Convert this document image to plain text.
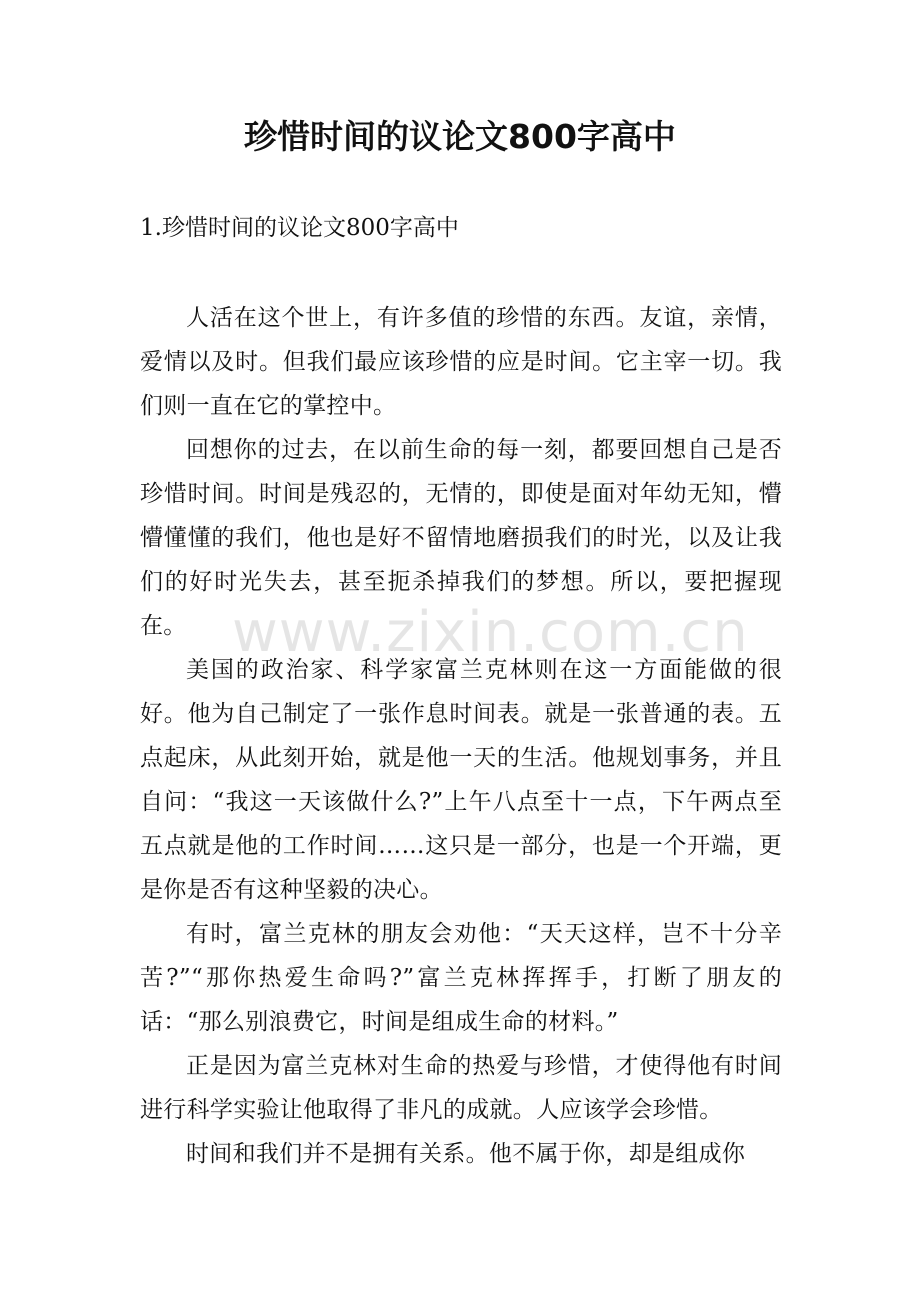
珍惜时间的议论文800字高中

1.珍惜时间的议论文800字高中

人活在这个世上，有许多值的珍惜的东西。友谊，亲情，爱情以及时。但我们最应该珍惜的应是时间。它主宰一切。我们则一直在它的掌控中。

回想你的过去，在以前生命的每一刻，都要回想自己是否珍惜时间。时间是残忍的，无情的，即使是面对年幼无知，懵懵懂懂的我们，他也是好不留情地磨损我们的时光，以及让我们的好时光失去，甚至扼杀掉我们的梦想。所以，要把握现在。

美国的政治家、科学家富兰克林则在这一方面能做的很好。他为自己制定了一张作息时间表。就是一张普通的表。五点起床，从此刻开始，就是他一天的生活。他规划事务，并且自问：“我这一天该做什么?”上午八点至十一点，下午两点至五点就是他的工作时间……这只是一部分，也是一个开端，更是你是否有这种坚毅的决心。

有时，富兰克林的朋友会劝他：“天天这样，岂不十分辛苦?”“那你热爱生命吗?”富兰克林挥挥手，打断了朋友的话：“那么别浪费它，时间是组成生命的材料。”

正是因为富兰克林对生命的热爱与珍惜，才使得他有时间进行科学实验让他取得了非凡的成就。人应该学会珍惜。

时间和我们并不是拥有关系。他不属于你，却是组成你

www.zixin.com.cn
